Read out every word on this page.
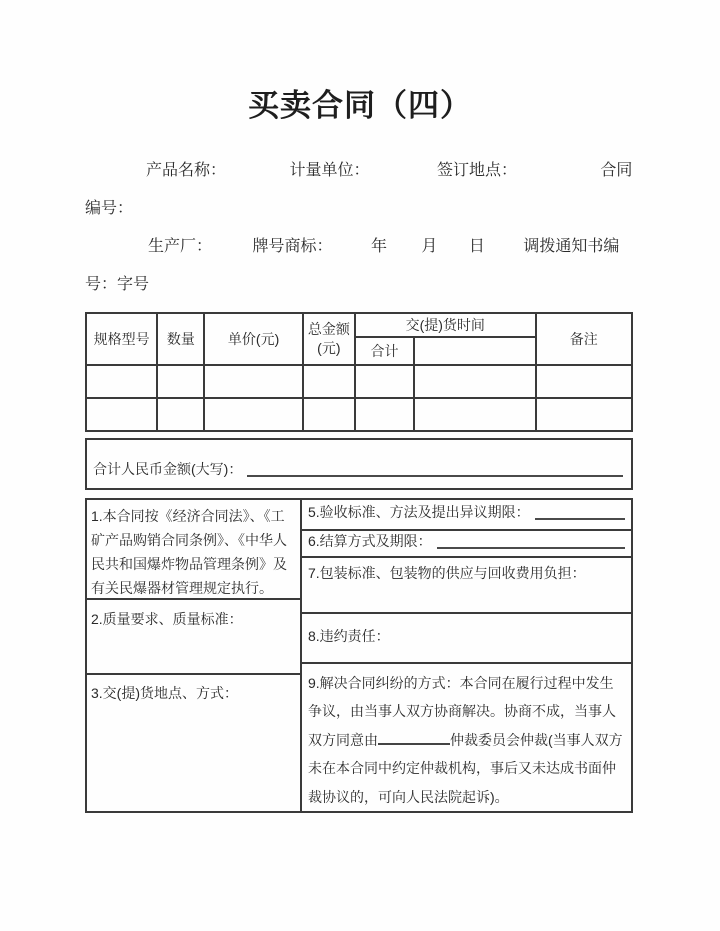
买卖合同（四）

产品名称：	计量单位：	签订地点：	合同编号：

生产厂：	牌号商标： 年 月 日 调拨通知书编号：字号

规格型号	数量	单价(元)	总金额(元)	交(提)货时间		备注
				合计		

合计人民币金额(大写)：
1.本合同按《经济合同法》、《工矿产品购销合同条例》、《中华人民共和国爆炸物品管理条例》及有关民爆器材管理规定执行。
2.质量要求、质量标准：
3.交(提)货地点、方式：
5.验收标准、方法及提出异议期限：
6.结算方式及期限：
7.包装标准、包装物的供应与回收费用负担：
8.违约责任：

9.解决合同纠纷的方式：本合同在履行过程中发生争议，由当事人双方协商解决。协商不成，当事人双方同意由	仲裁委员会仲裁(当事人双方未在本合同中约定仲裁机构，事后又未达成书面仲裁协议的，可向人民法院起诉)。
